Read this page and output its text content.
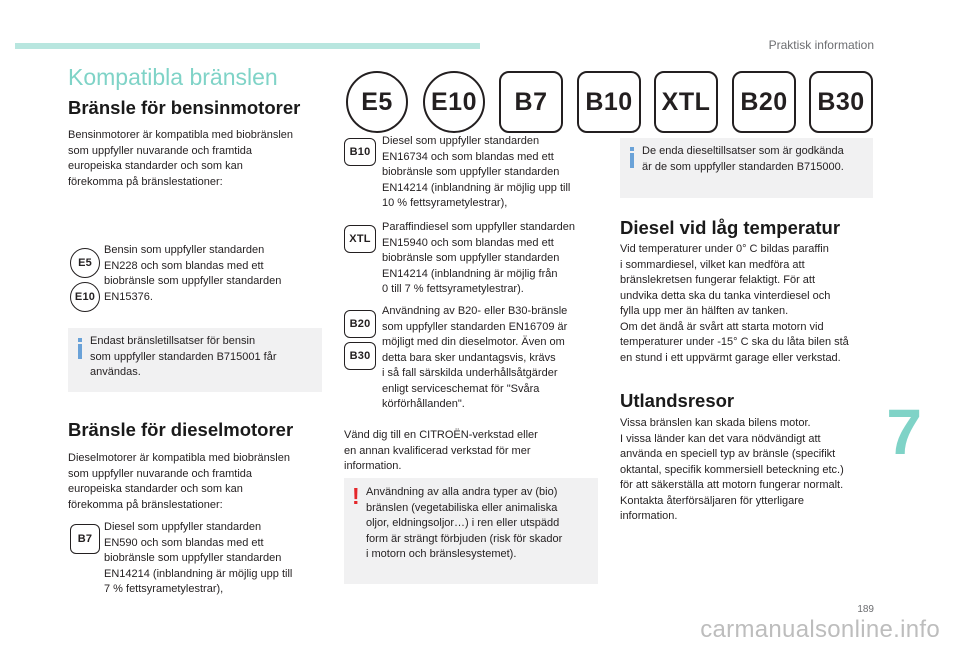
Praktisk information
Kompatibla bränslen
E5	E10	B7	B10	XTL	B20	B30
Bränsle för bensinmotorer
Bensinmotorer är kompatibla med biobränslen
som uppfyller nuvarande och framtida
europeiska standarder och som kan
förekomma på bränslestationer:
E5
E10
Bensin som uppfyller standarden
EN228 och som blandas med ett
biobränsle som uppfyller standarden
EN15376.
Endast bränsletillsatser för bensin
som uppfyller standarden B715001 får
användas.
Bränsle för dieselmotorer
Dieselmotorer är kompatibla med biobränslen
som uppfyller nuvarande och framtida
europeiska standarder och som kan
förekomma på bränslestationer:
B7
Diesel som uppfyller standarden
EN590 och som blandas med ett
biobränsle som uppfyller standarden
EN14214 (inblandning är möjlig upp till
7 % fettsyrametylestrar),
B10
Diesel som uppfyller standarden
EN16734 och som blandas med ett
biobränsle som uppfyller standarden
EN14214 (inblandning är möjlig upp till
10 % fettsyrametylestrar),
XTL
Paraffindiesel som uppfyller standarden
EN15940 och som blandas med ett
biobränsle som uppfyller standarden
EN14214 (inblandning är möjlig från
0 till 7 % fettsyrametylestrar).
B20
B30
Användning av B20- eller B30-bränsle
som uppfyller standarden EN16709 är
möjligt med din dieselmotor. Även om
detta bara sker undantagsvis, krävs
i så fall särskilda underhållsåtgärder
enligt serviceschemat för "Svåra
körförhållanden".
Vänd dig till en CITROËN-verkstad eller
en annan kvalificerad verkstad för mer
information.
! Användning av alla andra typer av (bio)
bränslen (vegetabiliska eller animaliska
oljor, eldningsoljor…) i ren eller utspädd
form är strängt förbjuden (risk för skador
i motorn och bränslesystemet).
De enda dieseltillsatser som är godkända
är de som uppfyller standarden B715000.
Diesel vid låg temperatur
Vid temperaturer under 0° C bildas paraffin
i sommardiesel, vilket kan medföra att
bränslekretsen fungerar felaktigt. För att
undvika detta ska du tanka vinterdiesel och
fylla upp mer än hälften av tanken.
Om det ändå är svårt att starta motorn vid
temperaturer under -15° C ska du låta bilen stå
en stund i ett uppvärmt garage eller verkstad.
Utlandsresor
Vissa bränslen kan skada bilens motor.
I vissa länder kan det vara nödvändigt att
använda en speciell typ av bränsle (specifikt
oktantal, specifik kommersiell beteckning etc.)
för att säkerställa att motorn fungerar normalt.
Kontakta återförsäljaren för ytterligare
information.
7
189
carmanualsonline.info
